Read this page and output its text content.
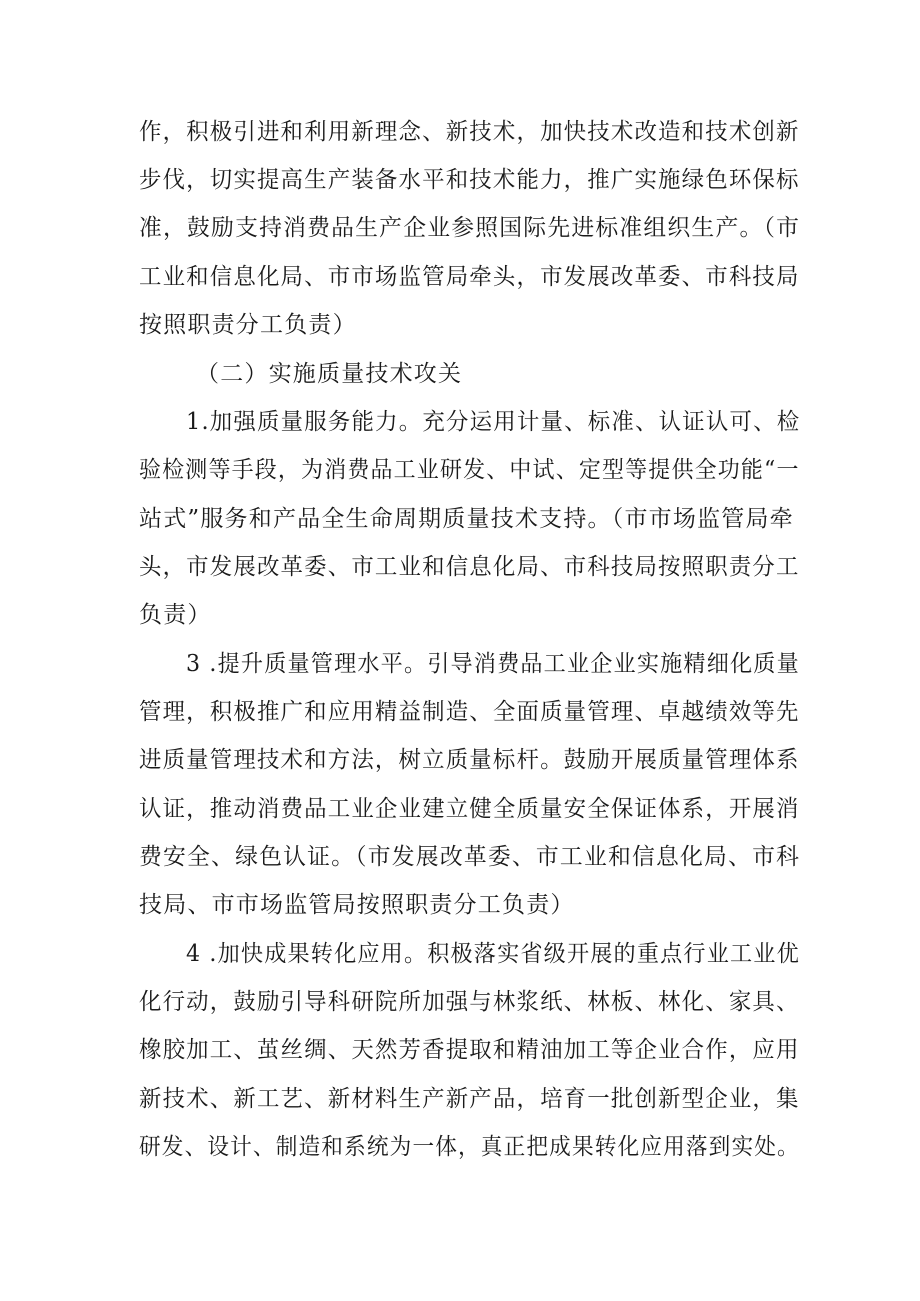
作，积极引进和利用新理念、新技术，加快技术改造和技术创新
步伐，切实提高生产装备水平和技术能力，推广实施绿色环保标
准，鼓励支持消费品生产企业参照国际先进标准组织生产。（市
工业和信息化局、市市场监管局牵头，市发展改革委、市科技局
按照职责分工负责）
（二）实施质量技术攻关
1.加强质量服务能力。充分运用计量、标准、认证认可、检
验检测等手段，为消费品工业研发、中试、定型等提供全功能“一
站式”服务和产品全生命周期质量技术支持。（市市场监管局牵
头，市发展改革委、市工业和信息化局、市科技局按照职责分工
负责）
3 .提升质量管理水平。引导消费品工业企业实施精细化质量
管理，积极推广和应用精益制造、全面质量管理、卓越绩效等先
进质量管理技术和方法，树立质量标杆。鼓励开展质量管理体系
认证，推动消费品工业企业建立健全质量安全保证体系，开展消
费安全、绿色认证。（市发展改革委、市工业和信息化局、市科
技局、市市场监管局按照职责分工负责）
4 .加快成果转化应用。积极落实省级开展的重点行业工业优
化行动，鼓励引导科研院所加强与林浆纸、林板、林化、家具、
橡胶加工、茧丝绸、天然芳香提取和精油加工等企业合作，应用
新技术、新工艺、新材料生产新产品，培育一批创新型企业，集
研发、设计、制造和系统为一体，真正把成果转化应用落到实处。
